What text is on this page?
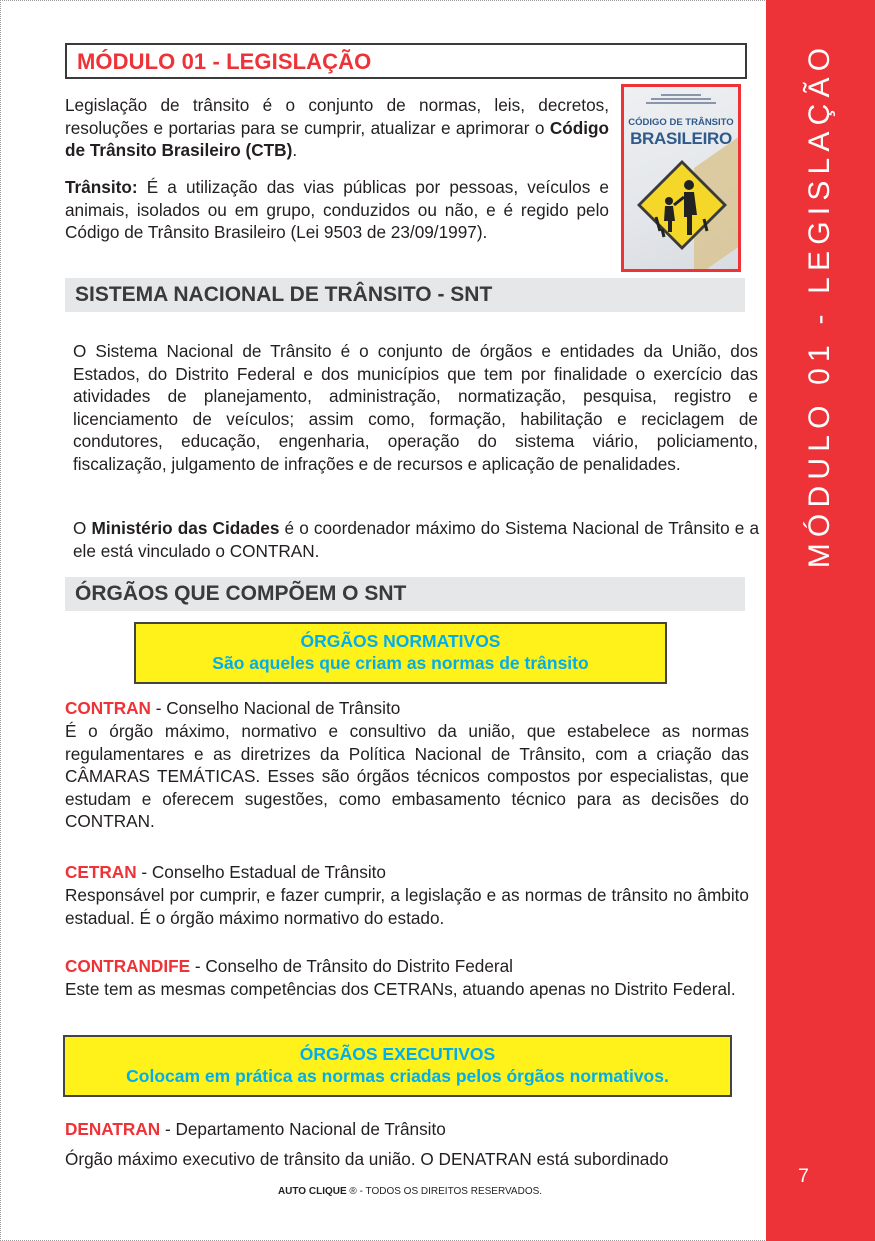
MÓDULO 01 - LEGISLAÇÃO
7
MÓDULO 01 - LEGISLAÇÃO
Legislação de trânsito é o conjunto de normas, leis, decretos, resoluções e portarias para se cumprir, atualizar e aprimorar o Código de Trânsito Brasileiro (CTB).
Trânsito: É a utilização das vias públicas por pessoas, veículos e animais, isolados ou em grupo, conduzidos ou não, e é regido pelo Código de Trânsito Brasileiro (Lei 9503 de 23/09/1997).
CÓDIGO DE TRÂNSITO
BRASILEIRO
SISTEMA NACIONAL DE TRÂNSITO - SNT
O Sistema Nacional de Trânsito é o conjunto de órgãos e entidades da União, dos Estados, do Distrito Federal e dos municípios que tem por finalidade o exercício das atividades de planejamento, administração, normatização, pesquisa, registro e licenciamento de veículos; assim como, formação, habilitação e reciclagem de condutores, educação, engenharia, operação do sistema viário, policiamento, fiscalização, julgamento de infrações e de recursos e aplicação de penalidades.
O Ministério das Cidades é o coordenador máximo do Sistema Nacional de Trânsito e a ele está vinculado o CONTRAN.
ÓRGÃOS QUE COMPÕEM O SNT
ÓRGÃOS NORMATIVOS
São aqueles que criam as normas de trânsito
CONTRAN - Conselho Nacional de Trânsito
É o órgão máximo, normativo e consultivo da união, que estabelece as normas regulamentares e as diretrizes da Política Nacional de Trânsito, com a criação das CÂMARAS TEMÁTICAS. Esses são órgãos técnicos compostos por especialistas, que estudam e oferecem sugestões, como embasamento técnico para as decisões do CONTRAN.
CETRAN - Conselho Estadual de Trânsito
Responsável por cumprir, e fazer cumprir, a legislação e as normas de trânsito no âmbito estadual. É o órgão máximo normativo do estado.
CONTRANDIFE - Conselho de Trânsito do Distrito Federal
Este tem as mesmas competências dos CETRANs, atuando apenas no Distrito Federal.
ÓRGÃOS EXECUTIVOS
Colocam em prática as normas criadas pelos órgãos normativos.
DENATRAN - Departamento Nacional de Trânsito
Órgão máximo executivo de trânsito da união. O DENATRAN está subordinado
AUTO CLIQUE ® - TODOS OS DIREITOS RESERVADOS.
